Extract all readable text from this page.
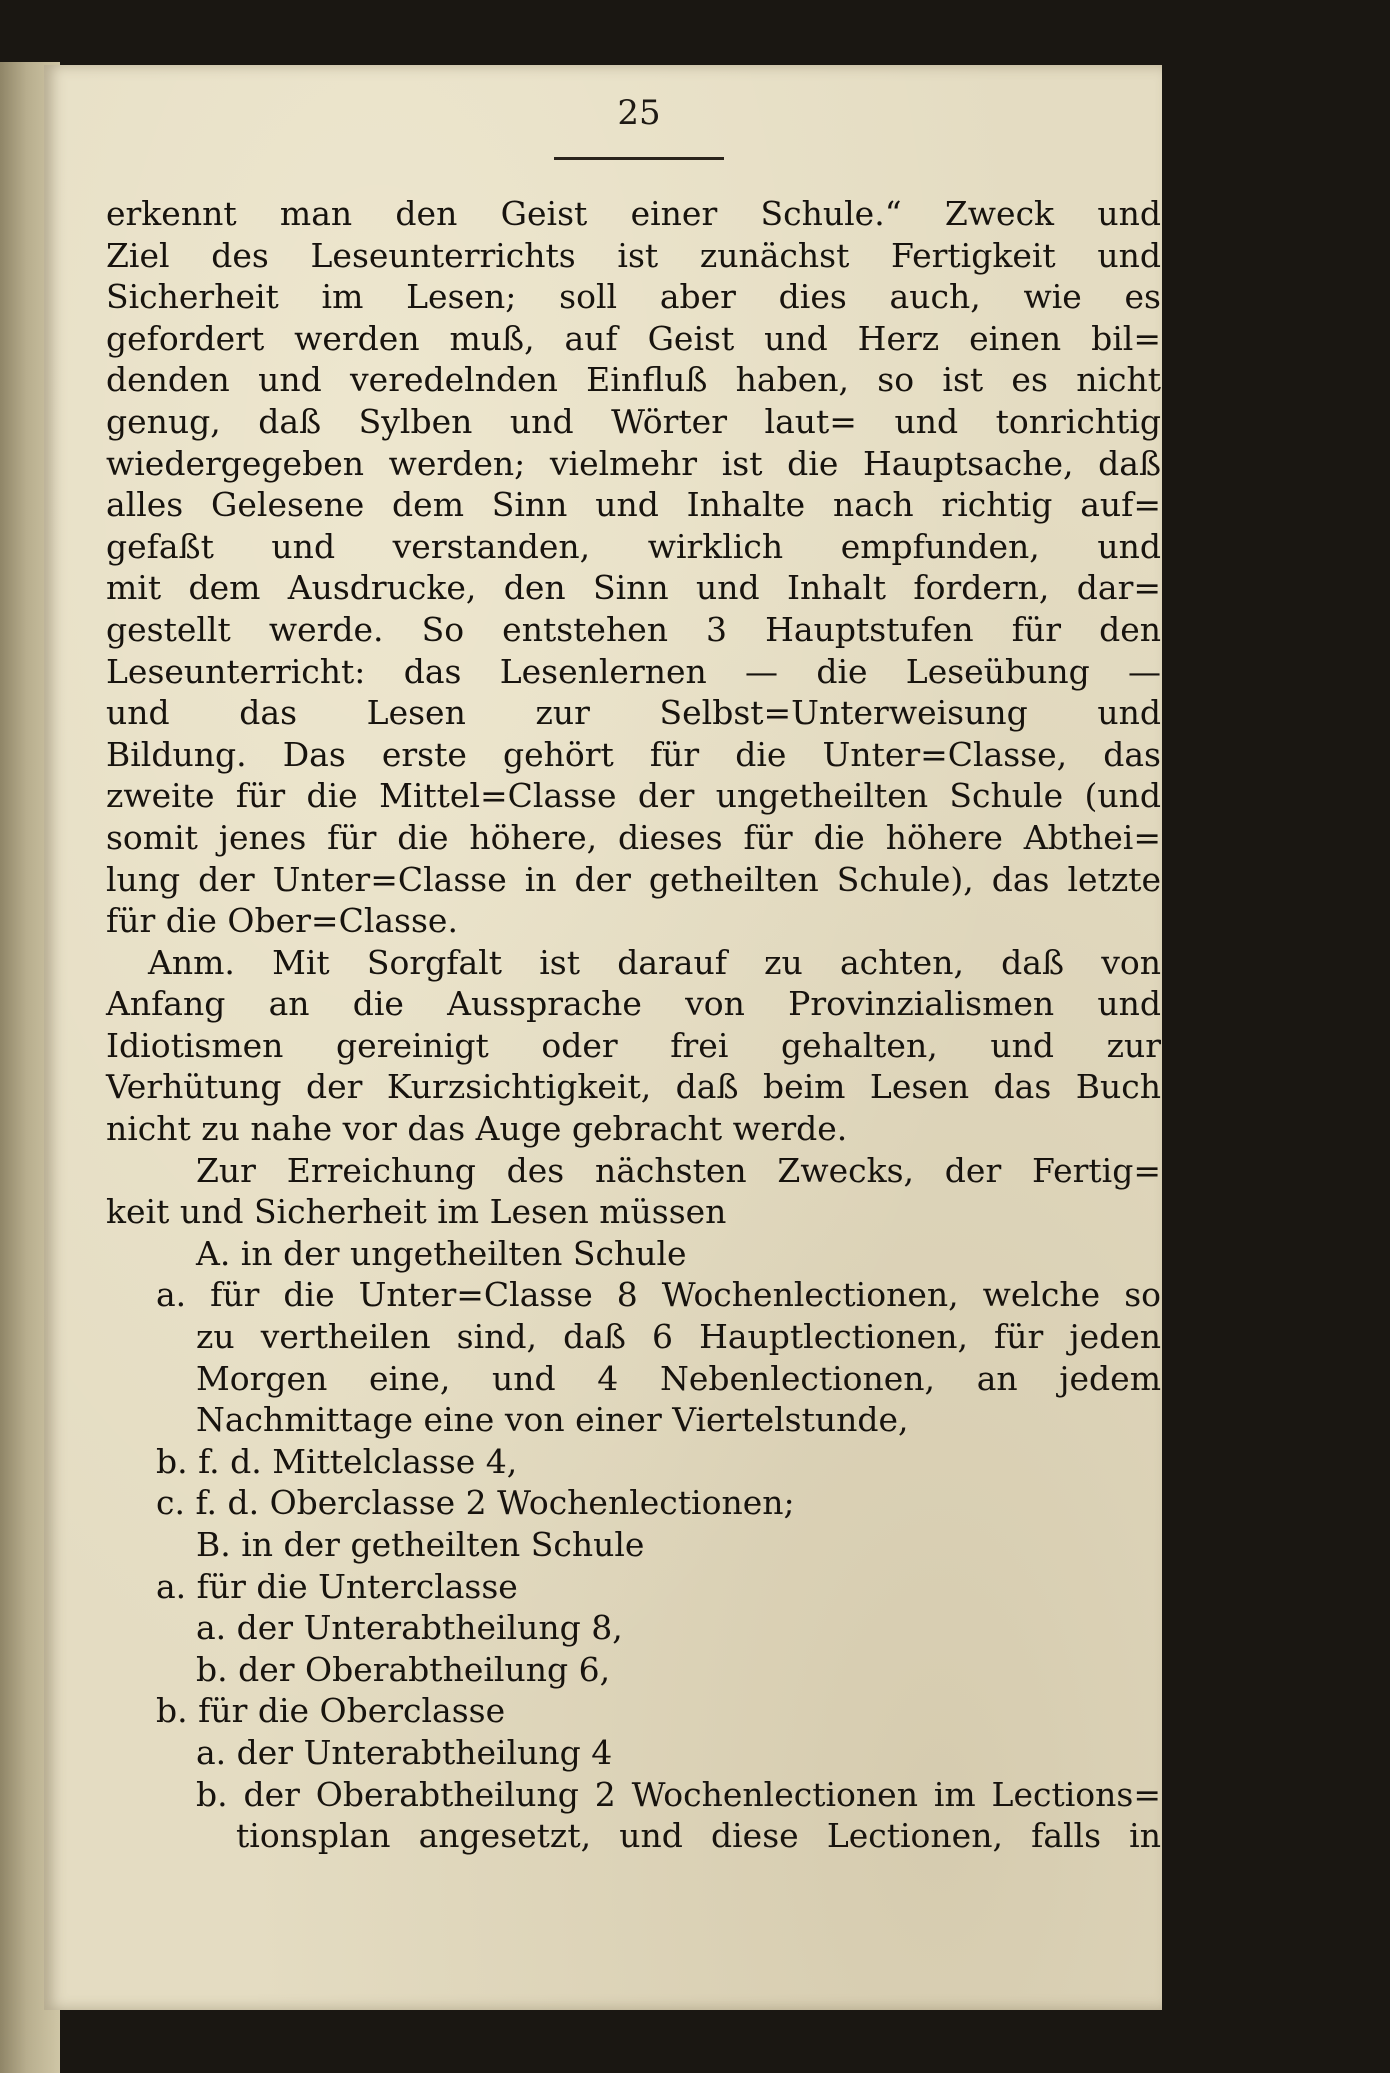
25
erkennt man den Geist einer Schule.“ Zweck und
Ziel des Leseunterrichts ist zunächst Fertigkeit und
Sicherheit im Lesen; soll aber dies auch, wie es
gefordert werden muß, auf Geist und Herz einen bil=
denden und veredelnden Einfluß haben, so ist es nicht
genug, daß Sylben und Wörter laut= und tonrichtig
wiedergegeben werden; vielmehr ist die Hauptsache, daß
alles Gelesene dem Sinn und Inhalte nach richtig auf=
gefaßt und verstanden, wirklich empfunden, und
mit dem Ausdrucke, den Sinn und Inhalt fordern, dar=
gestellt werde. So entstehen 3 Hauptstufen für den
Leseunterricht: das Lesenlernen — die Leseübung —
und das Lesen zur Selbst=Unterweisung und
Bildung. Das erste gehört für die Unter=Classe, das
zweite für die Mittel=Classe der ungetheilten Schule (und
somit jenes für die höhere, dieses für die höhere Abthei=
lung der Unter=Classe in der getheilten Schule), das letzte
für die Ober=Classe.
Anm. Mit Sorgfalt ist darauf zu achten, daß von
Anfang an die Aussprache von Provinzialismen und
Idiotismen gereinigt oder frei gehalten, und zur
Verhütung der Kurzsichtigkeit, daß beim Lesen das Buch
nicht zu nahe vor das Auge gebracht werde.
Zur Erreichung des nächsten Zwecks, der Fertig=
keit und Sicherheit im Lesen müssen
A. in der ungetheilten Schule
a. für die Unter=Classe 8 Wochenlectionen, welche so
zu vertheilen sind, daß 6 Hauptlectionen, für jeden
Morgen eine, und 4 Nebenlectionen, an jedem
Nachmittage eine von einer Viertelstunde,
b. f. d. Mittelclasse 4,
c. f. d. Oberclasse 2 Wochenlectionen;
B. in der getheilten Schule
a. für die Unterclasse
a. der Unterabtheilung 8,
b. der Oberabtheilung 6,
b. für die Oberclasse
a. der Unterabtheilung 4
b. der Oberabtheilung 2 Wochenlectionen im Lections=
tionsplan angesetzt, und diese Lectionen, falls in
